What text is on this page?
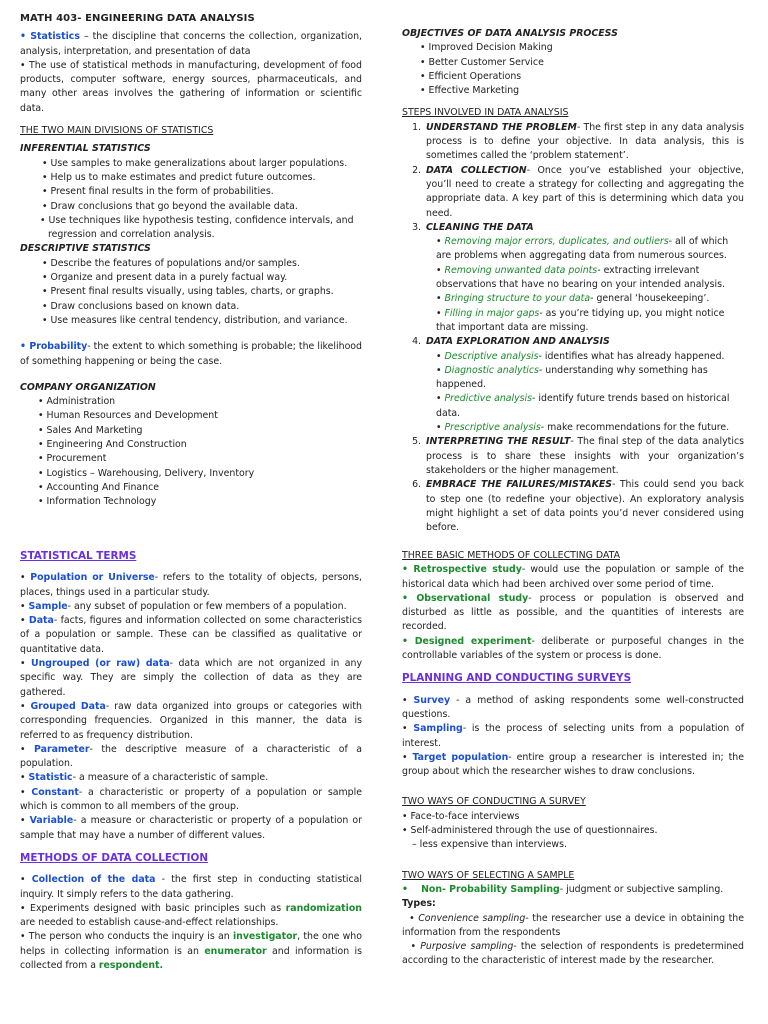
MATH 403- ENGINEERING DATA ANALYSIS

• Statistics – the discipline that concerns the collection, organization, analysis, interpretation, and presentation of data

• The use of statistical methods in manufacturing, development of food products, computer software, energy sources, pharmaceuticals, and many other areas involves the gathering of information or scientific data.

THE TWO MAIN DIVISIONS OF STATISTICS

INFERENTIAL STATISTICS

• Use samples to make generalizations about larger populations.

• Help us to make estimates and predict future outcomes.

• Present final results in the form of probabilities.

• Draw conclusions that go beyond the available data.

• Use techniques like hypothesis testing, confidence intervals, and regression and correlation analysis.

DESCRIPTIVE STATISTICS

• Describe the features of populations and/or samples.

• Organize and present data in a purely factual way.

• Present final results visually, using tables, charts, or graphs.

• Draw conclusions based on known data.

• Use measures like central tendency, distribution, and variance.

• Probability- the extent to which something is probable; the likelihood of something happening or being the case.

COMPANY ORGANIZATION

• Administration

• Human Resources and Development

• Sales And Marketing

• Engineering And Construction

• Procurement

• Logistics – Warehousing, Delivery, Inventory

• Accounting And Finance

• Information Technology

OBJECTIVES OF DATA ANALYSIS PROCESS

• Improved Decision Making

• Better Customer Service

• Efficient Operations

• Effective Marketing

STEPS INVOLVED IN DATA ANALYSIS

1. UNDERSTAND THE PROBLEM- The first step in any data analysis process is to define your objective. In data analysis, this is sometimes called the ‘problem statement’.
2. DATA COLLECTION- Once you’ve established your objective, you’ll need to create a strategy for collecting and aggregating the appropriate data. A key part of this is determining which data you need.
3. CLEANING THE DATA

• Removing major errors, duplicates, and outliers- all of which are problems when aggregating data from numerous sources.

• Removing unwanted data points- extracting irrelevant observations that have no bearing on your intended analysis.

• Bringing structure to your data- general ‘housekeeping’.

• Filling in major gaps- as you’re tidying up, you might notice that important data are missing.

4. DATA EXPLORATION AND ANALYSIS

• Descriptive analysis- identifies what has already happened.

• Diagnostic analytics- understanding why something has happened.

• Predictive analysis- identify future trends based on historical data.

• Prescriptive analysis- make recommendations for the future.

5. INTERPRETING THE RESULT- The final step of the data analytics process is to share these insights with your organization’s stakeholders or the higher management.
6. EMBRACE THE FAILURES/MISTAKES- This could send you back to step one (to redefine your objective). An exploratory analysis might highlight a set of data points you’d never considered using before.

STATISTICAL TERMS

• Population or Universe- refers to the totality of objects, persons, places, things used in a particular study.

• Sample- any subset of population or few members of a population.

• Data- facts, figures and information collected on some characteristics of a population or sample. These can be classified as qualitative or quantitative data.

• Ungrouped (or raw) data- data which are not organized in any specific way. They are simply the collection of data as they are gathered.

• Grouped Data- raw data organized into groups or categories with corresponding frequencies. Organized in this manner, the data is referred to as frequency distribution.

• Parameter- the descriptive measure of a characteristic of a population.

• Statistic- a measure of a characteristic of sample.

• Constant- a characteristic or property of a population or sample which is common to all members of the group.

• Variable- a measure or characteristic or property of a population or sample that may have a number of different values.

METHODS OF DATA COLLECTION

• Collection of the data - the first step in conducting statistical inquiry. It simply refers to the data gathering.

• Experiments designed with basic principles such as randomization are needed to establish cause-and-effect relationships.

• The person who conducts the inquiry is an investigator, the one who helps in collecting information is an enumerator and information is collected from a respondent.

THREE BASIC METHODS OF COLLECTING DATA

• Retrospective study- would use the population or sample of the historical data which had been archived over some period of time.

• Observational study- process or population is observed and disturbed as little as possible, and the quantities of interests are recorded.

• Designed experiment- deliberate or purposeful changes in the controllable variables of the system or process is done.

PLANNING AND CONDUCTING SURVEYS

• Survey - a method of asking respondents some well-constructed questions.

• Sampling- is the process of selecting units from a population of interest.

• Target population- entire group a researcher is interested in; the group about which the researcher wishes to draw conclusions.

TWO WAYS OF CONDUCTING A SURVEY

• Face-to-face interviews

• Self-administered through the use of questionnaires.

– less expensive than interviews.

TWO WAYS OF SELECTING A SAMPLE

•    Non- Probability Sampling- judgment or subjective sampling.

Types:

• Convenience sampling- the researcher use a device in obtaining the information from the respondents

• Purposive sampling- the selection of respondents is predetermined according to the characteristic of interest made by the researcher.
